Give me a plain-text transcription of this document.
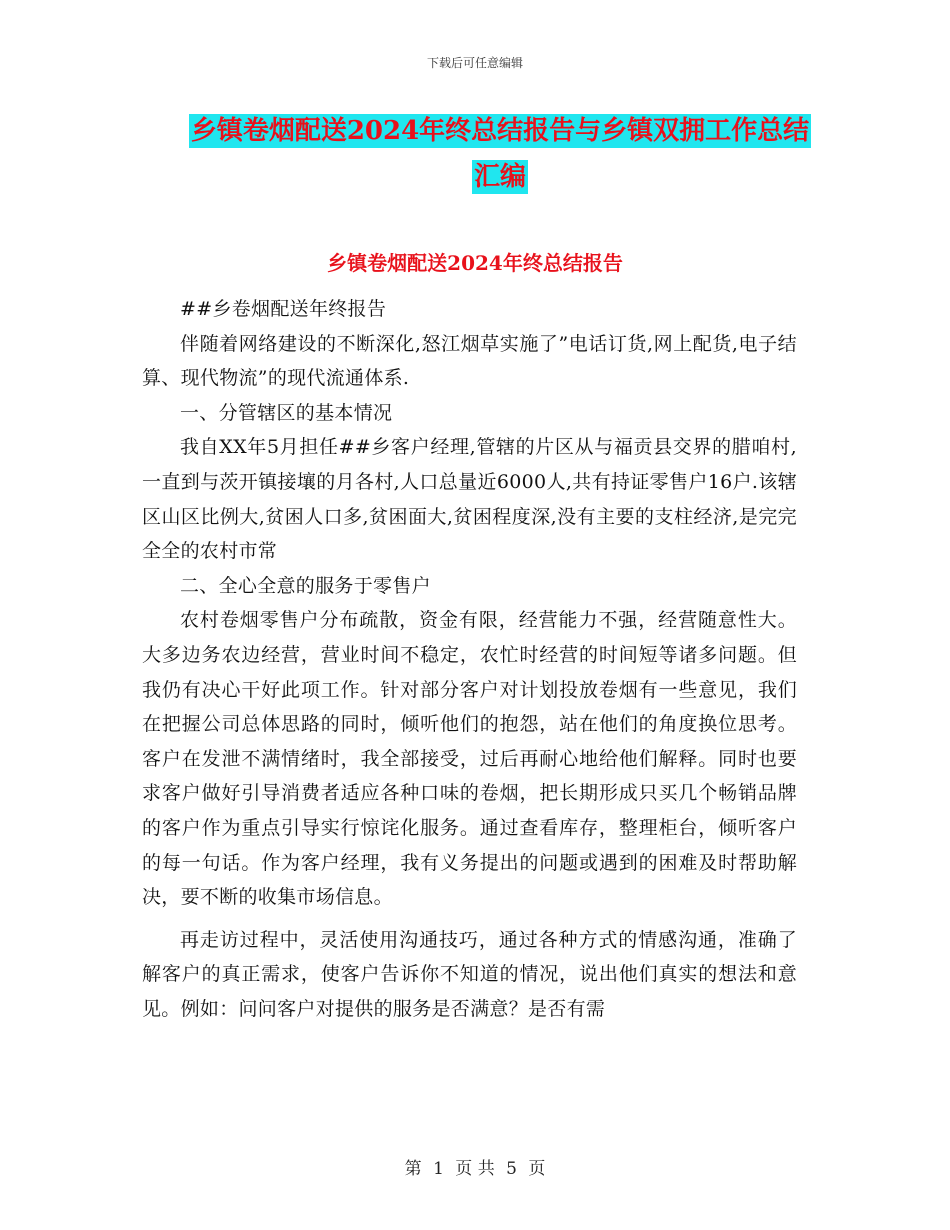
下载后可任意编辑
乡镇卷烟配送2024年终总结报告与乡镇双拥工作总结
汇编
乡镇卷烟配送2024年终总结报告

##乡卷烟配送年终报告

伴随着网络建设的不断深化,怒江烟草实施了”电话订货,网上配货,电子结算、现代物流”的现代流通体系.

一、分管辖区的基本情况

我自XX年5月担任##乡客户经理,管辖的片区从与福贡县交界的腊咱村,一直到与茨开镇接壤的月各村,人口总量近6000人,共有持证零售户16户.该辖区山区比例大,贫困人口多,贫困面大,贫困程度深,没有主要的支柱经济,是完完全全的农村市常

二、全心全意的服务于零售户

农村卷烟零售户分布疏散，资金有限，经营能力不强，经营随意性大。大多边务农边经营，营业时间不稳定，农忙时经营的时间短等诸多问题。但我仍有决心干好此项工作。针对部分客户对计划投放卷烟有一些意见，我们在把握公司总体思路的同时，倾听他们的抱怨，站在他们的角度换位思考。客户在发泄不满情绪时，我全部接受，过后再耐心地给他们解释。同时也要求客户做好引导消费者适应各种口味的卷烟，把长期形成只买几个畅销品牌的客户作为重点引导实行惊诧化服务。通过查看库存，整理柜台，倾听客户的每一句话。作为客户经理，我有义务提出的问题或遇到的困难及时帮助解决，要不断的收集市场信息。

再走访过程中，灵活使用沟通技巧，通过各种方式的情感沟通，准确了解客户的真正需求，使客户告诉你不知道的情况，说出他们真实的想法和意见。例如：问问客户对提供的服务是否满意？是否有需

第 1 页 共 5 页
